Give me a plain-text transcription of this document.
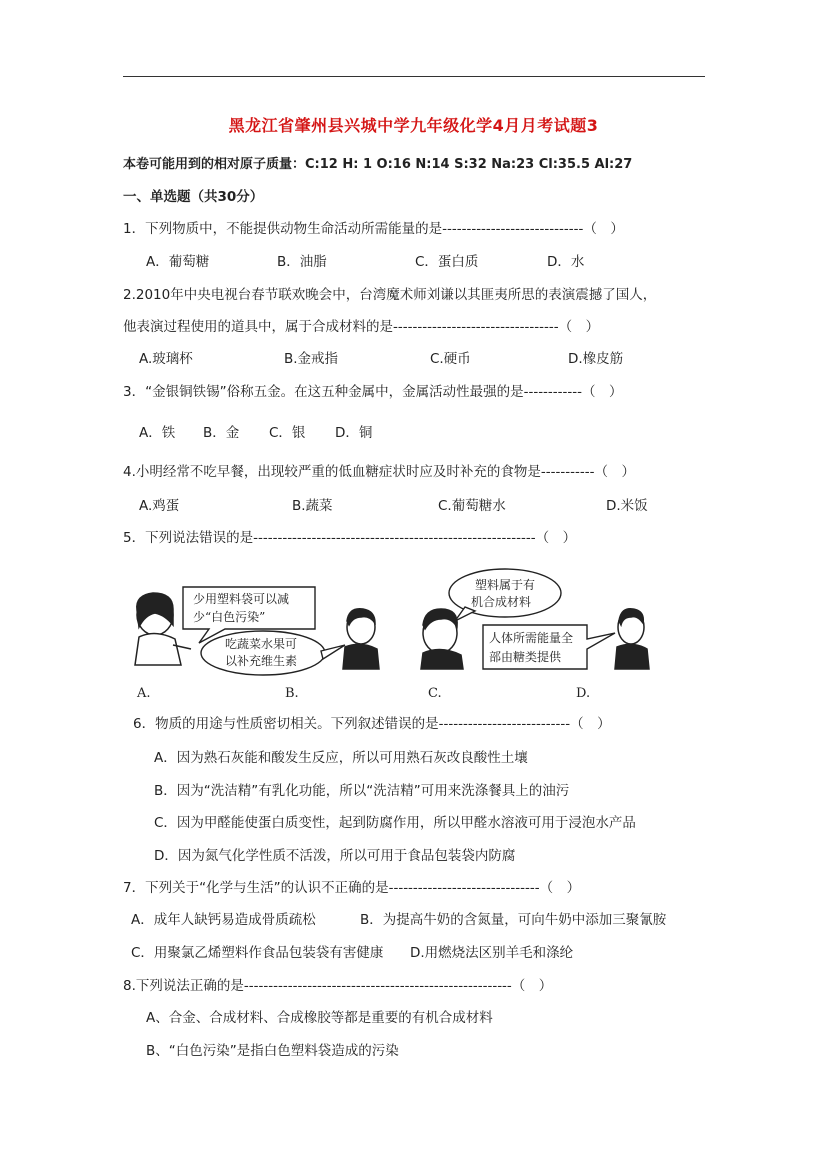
黑龙江省肇州县兴城中学九年级化学4月月考试题3
本卷可能用到的相对原子质量：C:12 H: 1 O:16 N:14 S:32 Na:23 Cl:35.5 Al:27
一、单选题（共30分）
1．下列物质中，不能提供动物生命活动所需能量的是-----------------------------（　）
A．葡萄糖	B．油脂	C．蛋白质	D．水
2.2010年中央电视台春节联欢晚会中，台湾魔术师刘谦以其匪夷所思的表演震撼了国人，
他表演过程使用的道具中，属于合成材料的是----------------------------------（　）
A.玻璃杯	B.金戒指	C.硬币	D.橡皮筋
3．“金银铜铁锡”俗称五金。在这五种金属中，金属活动性最强的是------------（　）
A．铁 B．金 C．银 D．铜
4.小明经常不吃早餐，出现较严重的低血糖症状时应及时补充的食物是-----------（　）
A.鸡蛋	B.蔬菜	C.葡萄糖水	D.米饭
5．下列说法错误的是----------------------------------------------------------（　）
少用塑料袋可以减
少“白色污染”
吃蔬菜水果可
以补充维生素
塑料属于有
机合成材料
人体所需能量全
部由糖类提供
A.	B.	C.	D.
6．物质的用途与性质密切相关。下列叙述错误的是---------------------------（　）
A．因为熟石灰能和酸发生反应，所以可用熟石灰改良酸性土壤
B．因为“洗洁精”有乳化功能，所以“洗洁精”可用来洗涤餐具上的油污
C．因为甲醛能使蛋白质变性，起到防腐作用，所以甲醛水溶液可用于浸泡水产品
D．因为氮气化学性质不活泼，所以可用于食品包装袋内防腐
7．下列关于“化学与生活”的认识不正确的是-------------------------------（　）
A．成年人缺钙易造成骨质疏松	B．为提高牛奶的含氮量，可向牛奶中添加三聚氰胺
C．用聚氯乙烯塑料作食品包装袋有害健康 D.用燃烧法区别羊毛和涤纶
8.下列说法正确的是-------------------------------------------------------（　）
A、合金、合成材料、合成橡胶等都是重要的有机合成材料
B、“白色污染”是指白色塑料袋造成的污染
